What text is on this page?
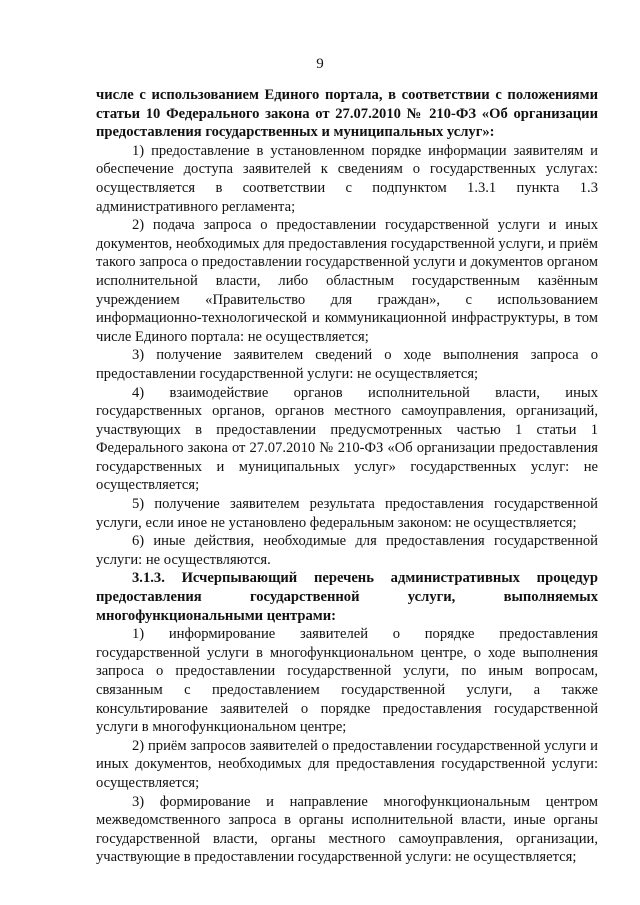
9

числе с использованием Единого портала, в соответствии с положениями статьи 10 Федерального закона от 27.07.2010 № 210-ФЗ «Об организации предоставления государственных и муниципальных услуг»:

1) предоставление в установленном порядке информации заявителям и обеспечение доступа заявителей к сведениям о государственных услугах: осуществляется в соответствии с подпунктом 1.3.1 пункта 1.3 административного регламента;

2) подача запроса о предоставлении государственной услуги и иных документов, необходимых для предоставления государственной услуги, и приём такого запроса о предоставлении государственной услуги и документов органом исполнительной власти, либо областным государственным казённым учреждением «Правительство для граждан», с использованием информационно-технологической и коммуникационной инфраструктуры, в том числе Единого портала: не осуществляется;

3) получение заявителем сведений о ходе выполнения запроса о предоставлении государственной услуги: не осуществляется;

4) взаимодействие органов исполнительной власти, иных государственных органов, органов местного самоуправления, организаций, участвующих в предоставлении предусмотренных частью 1 статьи 1 Федерального закона от 27.07.2010 № 210-ФЗ «Об организации предоставления государственных и муниципальных услуг» государственных услуг: не осуществляется;

5) получение заявителем результата предоставления государственной услуги, если иное не установлено федеральным законом: не осуществляется;

6) иные действия, необходимые для предоставления государственной услуги: не осуществляются.

3.1.3. Исчерпывающий перечень административных процедур предоставления государственной услуги, выполняемых многофункциональными центрами:

1) информирование заявителей о порядке предоставления государственной услуги в многофункциональном центре, о ходе выполнения запроса о предоставлении государственной услуги, по иным вопросам, связанным с предоставлением государственной услуги, а также консультирование заявителей о порядке предоставления государственной услуги в многофункциональном центре;

2) приём запросов заявителей о предоставлении государственной услуги и иных документов, необходимых для предоставления государственной услуги: осуществляется;

3) формирование и направление многофункциональным центром межведомственного запроса в органы исполнительной власти, иные органы государственной власти, органы местного самоуправления, организации, участвующие в предоставлении государственной услуги: не осуществляется;
